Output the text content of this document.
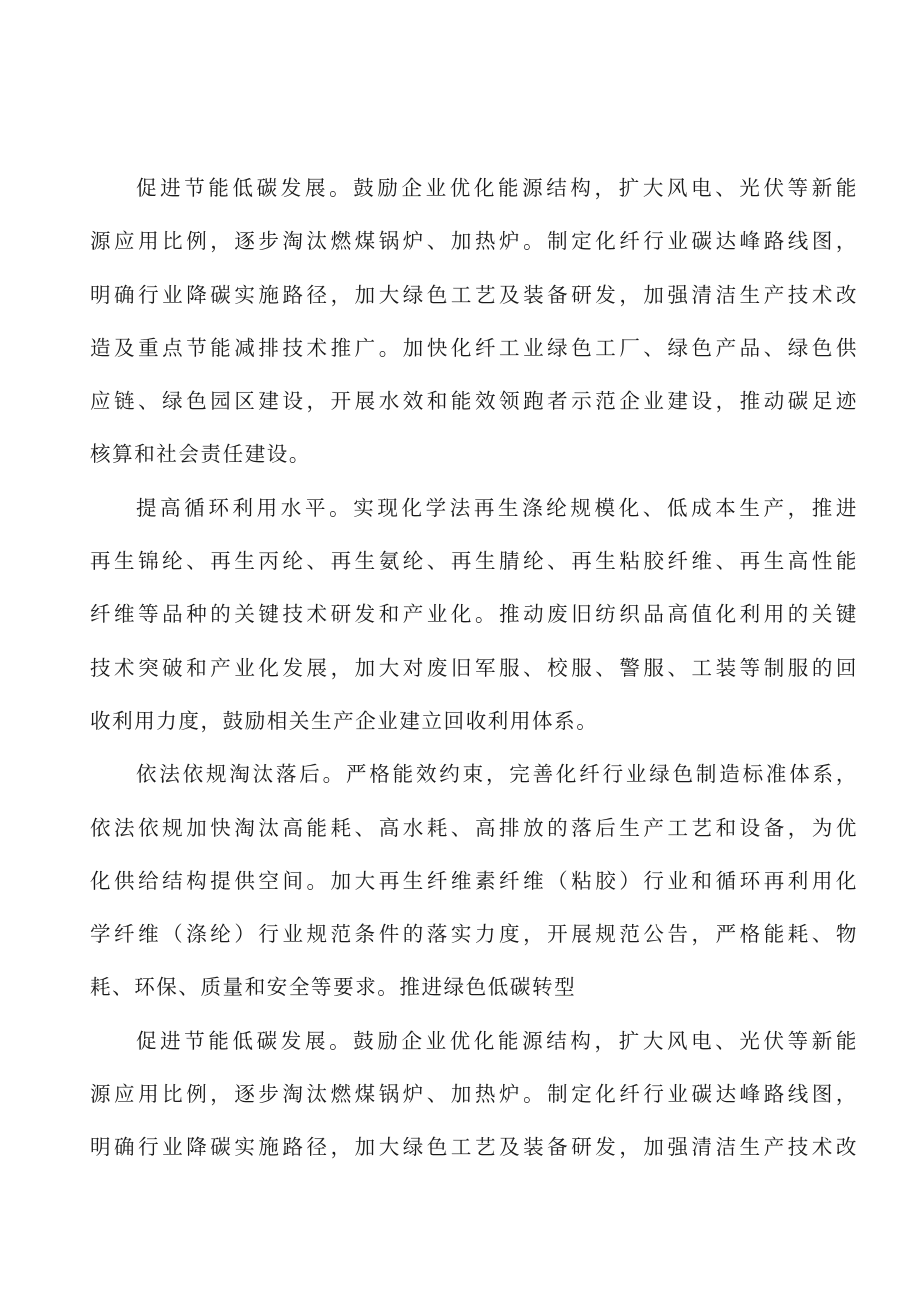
促进节能低碳发展。鼓励企业优化能源结构，扩大风电、光伏等新能
源应用比例，逐步淘汰燃煤锅炉、加热炉。制定化纤行业碳达峰路线图，
明确行业降碳实施路径，加大绿色工艺及装备研发，加强清洁生产技术改
造及重点节能减排技术推广。加快化纤工业绿色工厂、绿色产品、绿色供
应链、绿色园区建设，开展水效和能效领跑者示范企业建设，推动碳足迹
核算和社会责任建设。
提高循环利用水平。实现化学法再生涤纶规模化、低成本生产，推进
再生锦纶、再生丙纶、再生氨纶、再生腈纶、再生粘胶纤维、再生高性能
纤维等品种的关键技术研发和产业化。推动废旧纺织品高值化利用的关键
技术突破和产业化发展，加大对废旧军服、校服、警服、工装等制服的回
收利用力度，鼓励相关生产企业建立回收利用体系。
依法依规淘汰落后。严格能效约束，完善化纤行业绿色制造标准体系，
依法依规加快淘汰高能耗、高水耗、高排放的落后生产工艺和设备，为优
化供给结构提供空间。加大再生纤维素纤维（粘胶）行业和循环再利用化
学纤维（涤纶）行业规范条件的落实力度，开展规范公告，严格能耗、物
耗、环保、质量和安全等要求。推进绿色低碳转型
促进节能低碳发展。鼓励企业优化能源结构，扩大风电、光伏等新能
源应用比例，逐步淘汰燃煤锅炉、加热炉。制定化纤行业碳达峰路线图，
明确行业降碳实施路径，加大绿色工艺及装备研发，加强清洁生产技术改
